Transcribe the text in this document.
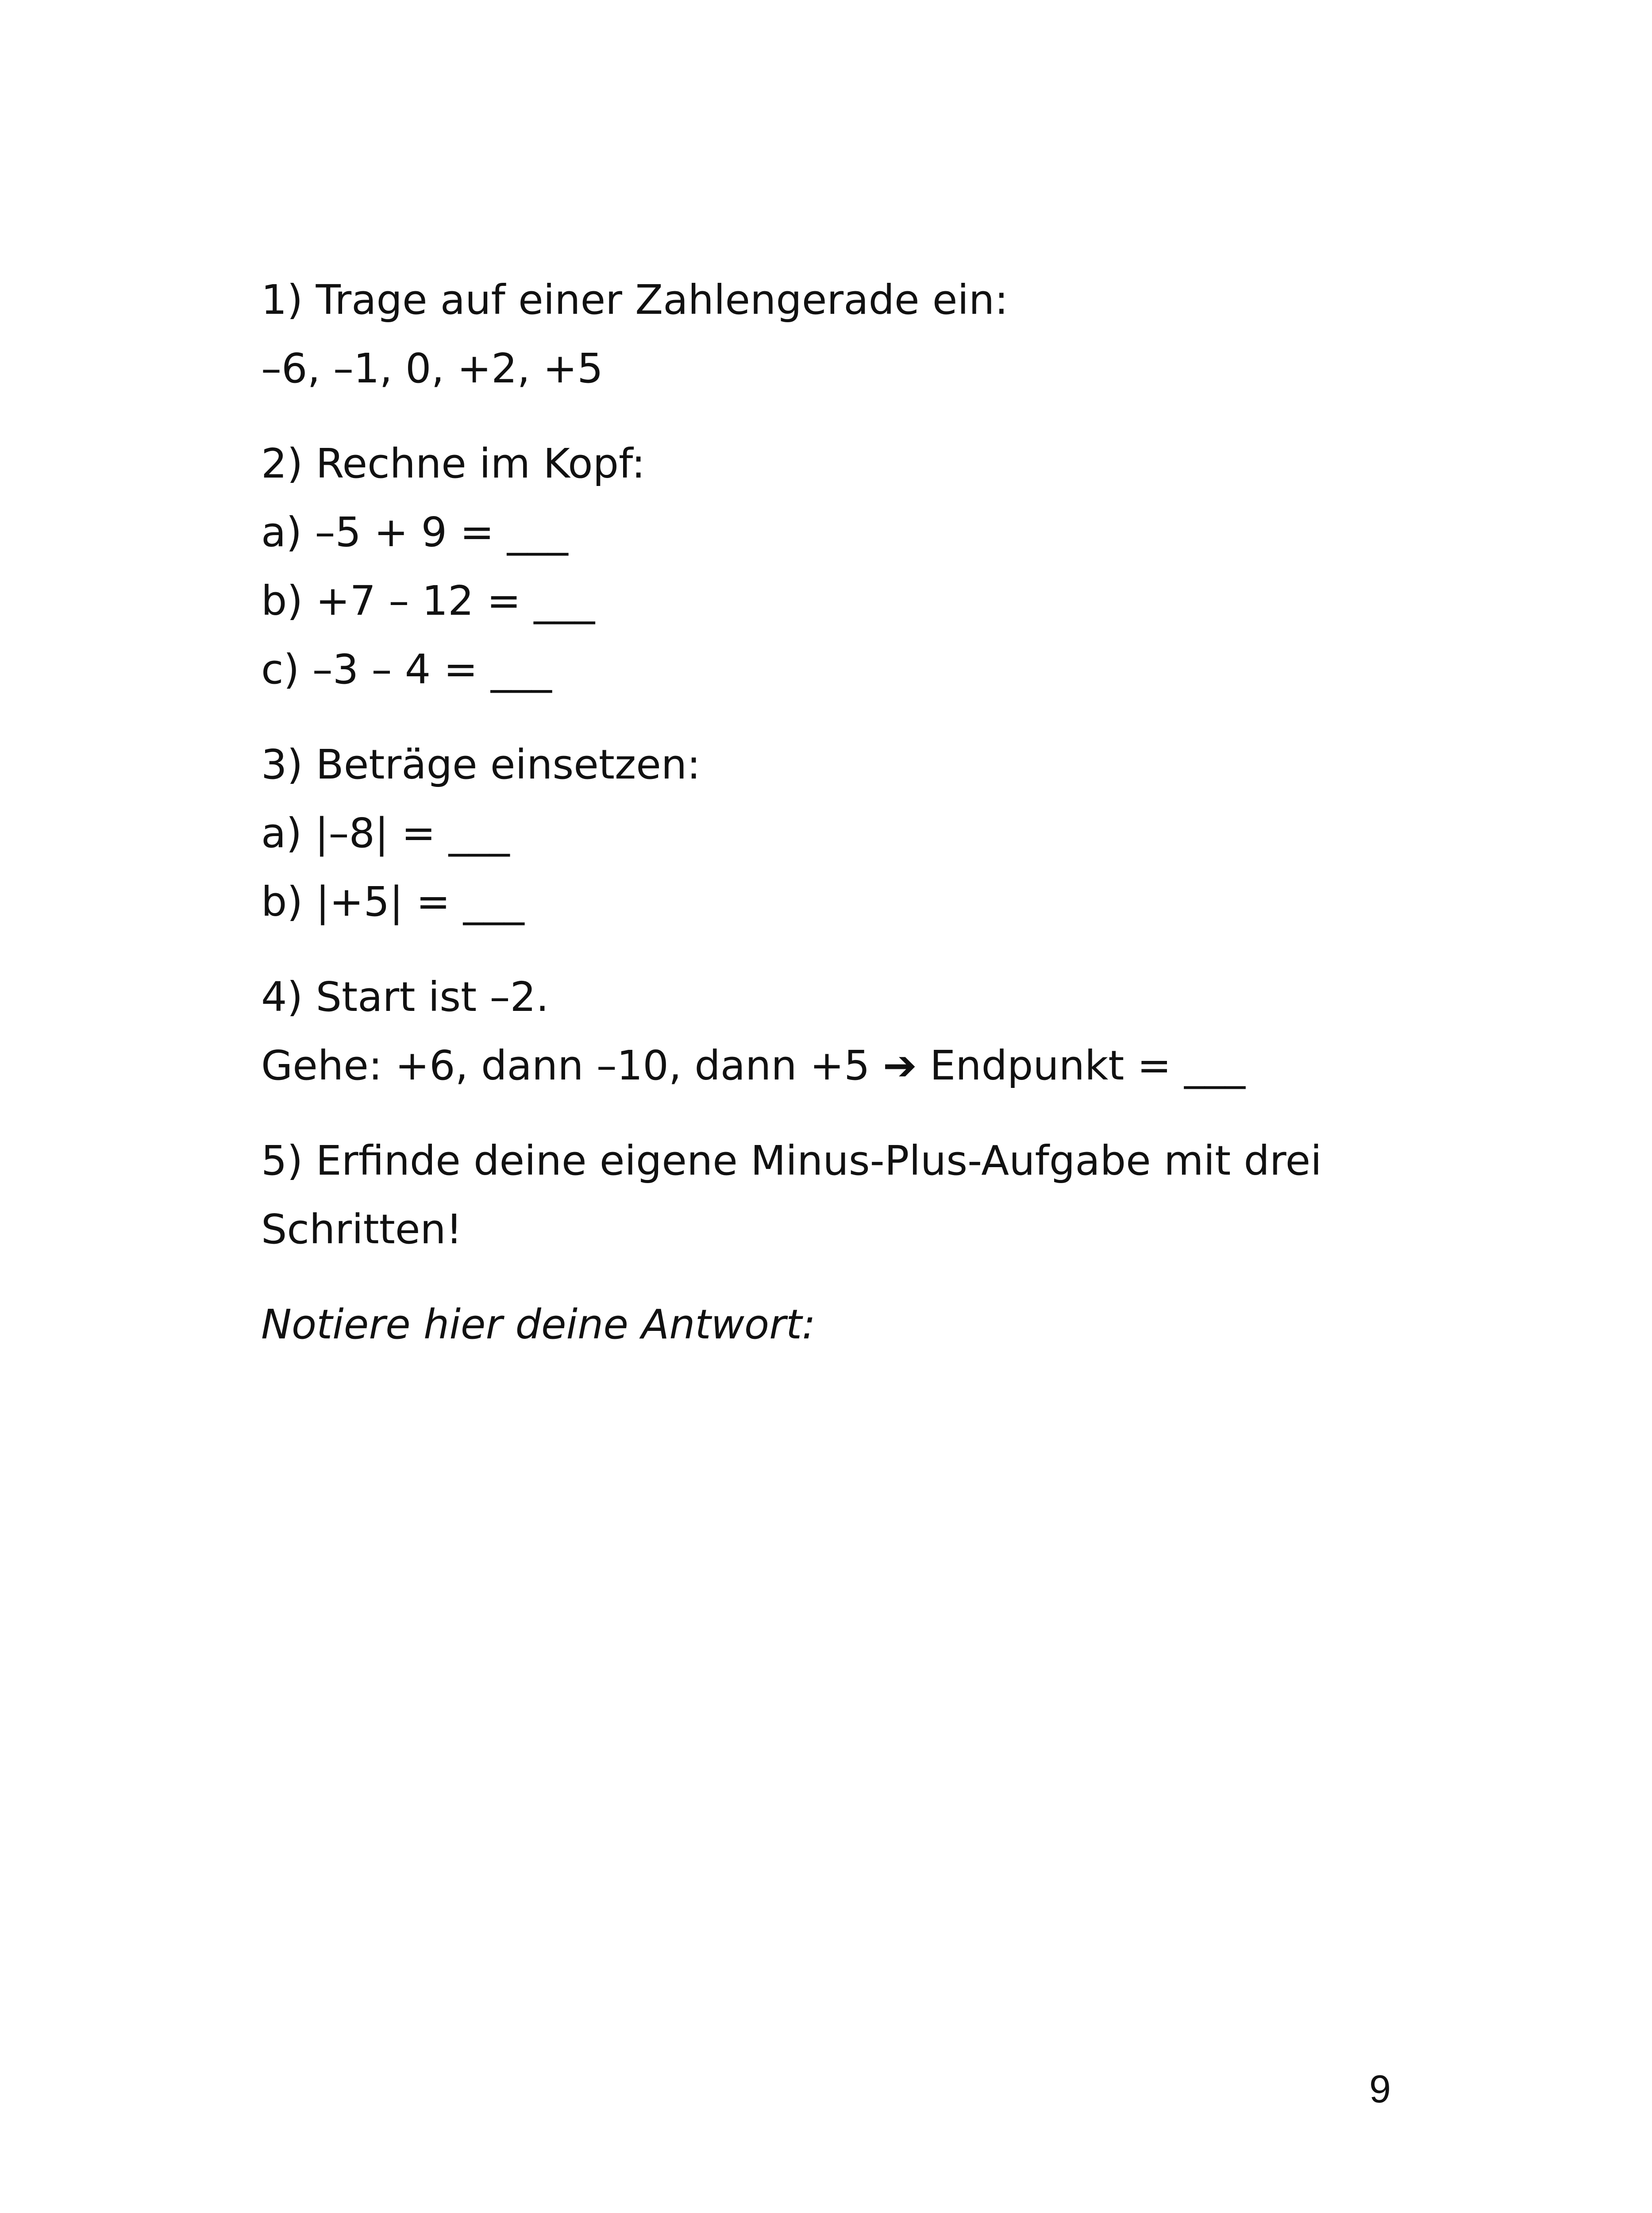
1) Trage auf einer Zahlengerade ein:
–6, –1, 0, +2, +5
2) Rechne im Kopf:
a) –5 + 9 = ___
b) +7 – 12 = ___
c) –3 – 4 = ___
3) Beträge einsetzen:
a) |–8| = ___
b) |+5| = ___
4) Start ist –2.
Gehe: +6, dann –10, dann +5 ➔ Endpunkt = ___
5) Erfinde deine eigene Minus-Plus-Aufgabe mit drei Schritten!
Notiere hier deine Antwort:
9
